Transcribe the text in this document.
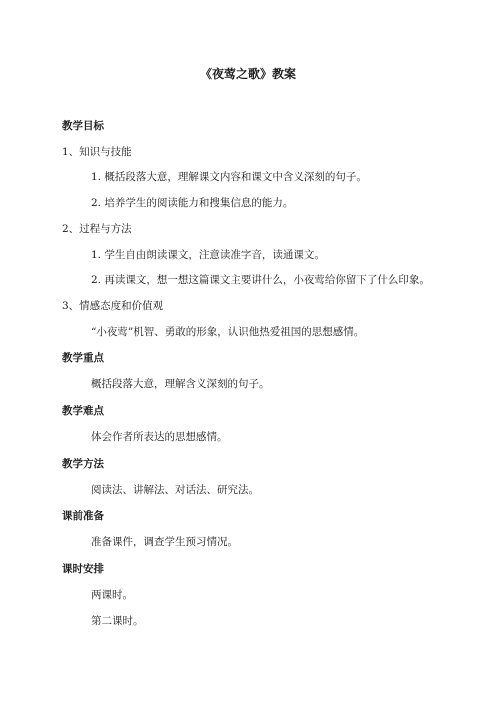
《夜莺之歌》教案
教学目标
1、知识与技能
1. 概括段落大意，理解课文内容和课文中含义深刻的句子。
2. 培养学生的阅读能力和搜集信息的能力。
2、过程与方法
1. 学生自由朗读课文，注意读准字音，读通课文。
2. 再读课文，想一想这篇课文主要讲什么，小夜莺给你留下了什么印象。
3、情感态度和价值观
“小夜莺”机智、勇敢的形象，认识他热爱祖国的思想感情。
教学重点
概括段落大意，理解含义深刻的句子。
教学难点
体会作者所表达的思想感情。
教学方法
阅读法、讲解法、对话法、研究法。
课前准备
准备课件，调查学生预习情况。
课时安排
两课时。
第二课时。
